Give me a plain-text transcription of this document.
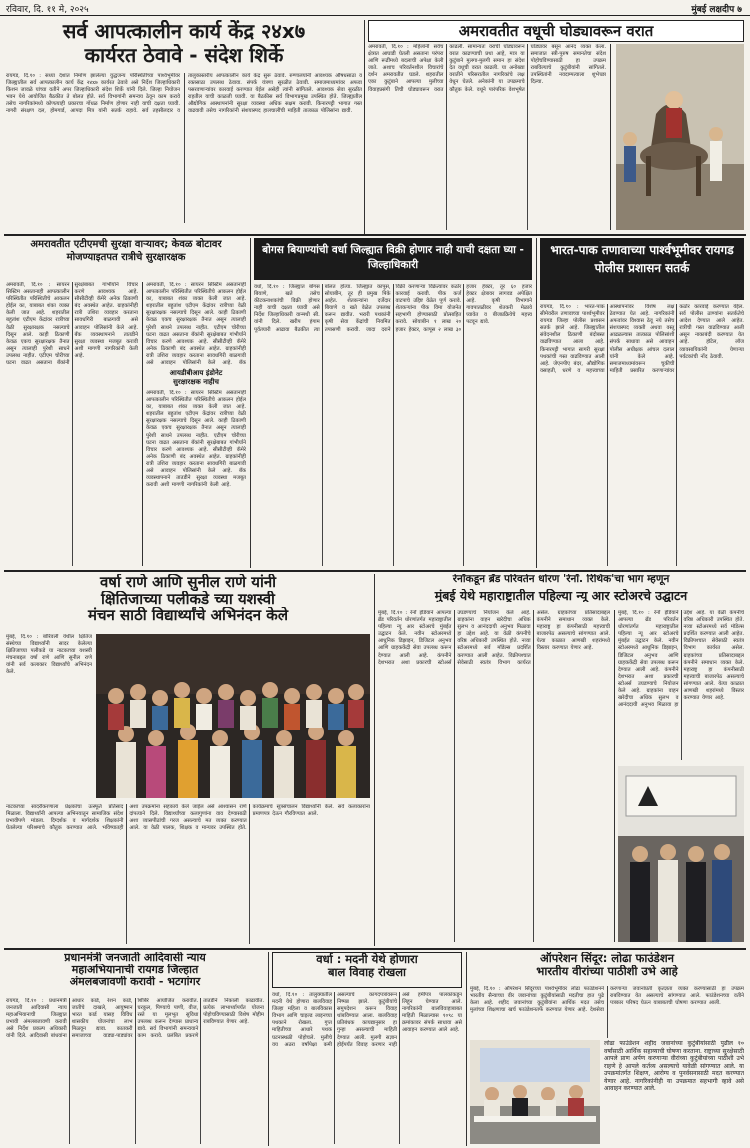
रविवार, दि. ११ मे, २०२५	मुंबई लक्षदीप ७
सर्व आपत्कालीन कार्य केंद्र २४x७
कार्यरत ठेवावे - संदेश शिर्के
रायगड, दि.१० : सध्या देशात निर्माण झालेल्या युद्धजन्य परिस्थितीच्या पार्श्वभूमीवर जिल्ह्यातील सर्व आपत्कालीन कार्य केंद्र २४x७ कार्यरत ठेवावे असे निर्देश जिल्हाधिकारी किशन जावळे यांच्या वतीने अपर जिल्हाधिकारी संदेश शिर्के यांनी दिले. जिल्हा नियोजन भवन येथे आयोजित बैठकीत ते बोलत होते. सर्व विभागांनी समन्वय ठेवून काम करावे तसेच नागरिकांमध्ये कोणत्याही प्रकारचा गोंधळ निर्माण होणार नाही याची दक्षता घ्यावी. नागरी संरक्षण दल, होमगार्ड, आपदा मित्र यांनी सतर्क राहावे. सर्व तहसीलदार व तालुकास्तरीय आपत्कालीन कार्य केंद्र सुरू ठेवावे. रुग्णालयांनी आवश्यक औषधसाठा व रक्तसाठा उपलब्ध ठेवावा. संपर्क यंत्रणा सुरळीत ठेवावी. समाजमाध्यमांवर अफवा पसरवणाऱ्यांवर कारवाई करण्यात येईल असेही त्यांनी सांगितले. आवश्यक सेवा सुरळीत राहतील याची काळजी घ्यावी. या बैठकीस सर्व विभागप्रमुख उपस्थित होते. जिल्ह्यातील औद्योगिक आस्थापनांनी सुरक्षा व्यवस्था अधिक सक्षम करावी. किनारपट्टी भागात गस्त वाढवावी तसेच नागरिकांनी संशयास्पद हालचालींची माहिती तात्काळ पोलिसांना द्यावी.
अमरावती, दि.१० : महिलांनी सर्वच क्षेत्रात आघाडी घेतली असताना परंपरा आणि रूढींमध्ये बदलाची अपेक्षा केली जाते. अशाच परिवर्तनशील विचारांचे दर्शन अमरावतीत घडले. शहरातील एका कुटुंबाने आपल्या मुलीच्या विवाहप्रसंगी तिची घोड्यावरून वरात काढली. सामान्यतः वराची घोड्यावरून वरात काढण्याची प्रथा आहे, मात्र या कुटुंबाने मुलगा-मुलगी समान हा संदेश देत वधूची वरात काढली. या अनोख्या वरातीने परिसरातील नागरिकांचे लक्ष वेधून घेतले. अनेकांनी या उपक्रमाचे कौतुक केले. वधूने पारंपरिक वेशभूषेत घोड्यावर बसून आनंद व्यक्त केला. समाजात स्त्री-पुरुष समानतेचा संदेश पोहोचविण्यासाठी हा उपक्रम राबविल्याचे कुटुंबीयांनी सांगितले. उपस्थितांनी नवदाम्पत्याला शुभेच्छा दिल्या.
अमरावतीत वधूची घोड्यावरून वरात
अमरावतीत एटीएमची सुरक्षा वाऱ्यावर; केवळ बोटावर मोजण्याइतपत रात्रीचे सुरक्षारक्षक
अमरावती, दि.१० : सायरन सिस्टिम असतानाही आपत्कालीन परिस्थितीत परिस्थितीचे आकलन होईल का, याबाबत शंका व्यक्त केली जात आहे. शहरातील बहुतांश एटीएम केंद्रांवर रात्रीच्या वेळी सुरक्षारक्षक नसल्याचे दिसून आले. काही ठिकाणी केवळ एकच सुरक्षारक्षक तैनात असून त्यालाही पुरेशी साधने उपलब्ध नाहीत. एटीएम चोरीच्या घटना वाढत असताना बँकांनी सुरक्षेबाबत गांभीर्याने विचार करणे आवश्यक आहे. सीसीटीव्ही कॅमेरे अनेक ठिकाणी बंद अवस्थेत आहेत. ग्राहकांनीही रात्री उशिरा व्यवहार करताना सावधगिरी बाळगावी असे आवाहन पोलिसांनी केले आहे. बँक व्यवस्थापनाने तातडीने सुरक्षा व्यवस्था मजबूत करावी अशी मागणी नागरिकांनी केली आहे.
अमरावती, दि.१० : सायरन सिस्टिम असतानाही आपत्कालीन परिस्थितीत परिस्थितीचे आकलन होईल का, याबाबत शंका व्यक्त केली जात आहे. शहरातील बहुतांश एटीएम केंद्रांवर रात्रीच्या वेळी सुरक्षारक्षक नसल्याचे दिसून आले. काही ठिकाणी केवळ एकच सुरक्षारक्षक तैनात असून त्यालाही पुरेशी साधने उपलब्ध नाहीत. एटीएम चोरीच्या घटना वाढत असताना बँकांनी सुरक्षेबाबत गांभीर्याने विचार करणे आवश्यक आहे. सीसीटीव्ही कॅमेरे अनेक ठिकाणी बंद अवस्थेत आहेत. ग्राहकांनीही रात्री उशिरा व्यवहार करताना सावधगिरी बाळगावी असे आवाहन पोलिसांनी केले आहे. बँक
आयडीबीआय इंडोनेट
सुरक्षारक्षक नाहीच
अमरावती, दि.१० : सायरन सिस्टिम असतानाही आपत्कालीन परिस्थितीत परिस्थितीचे आकलन होईल का, याबाबत शंका व्यक्त केली जात आहे. शहरातील बहुतांश एटीएम केंद्रांवर रात्रीच्या वेळी सुरक्षारक्षक नसल्याचे दिसून आले. काही ठिकाणी केवळ एकच सुरक्षारक्षक तैनात असून त्यालाही पुरेशी साधने उपलब्ध नाहीत. एटीएम चोरीच्या घटना वाढत असताना बँकांनी सुरक्षेबाबत गांभीर्याने विचार करणे आवश्यक आहे. सीसीटीव्ही कॅमेरे अनेक ठिकाणी बंद अवस्थेत आहेत. ग्राहकांनीही रात्री उशिरा व्यवहार करताना सावधगिरी बाळगावी असे आवाहन पोलिसांनी केले आहे. बँक व्यवस्थापनाने तातडीने सुरक्षा व्यवस्था मजबूत करावी अशी मागणी नागरिकांनी केली आहे.
बोगस बियाण्यांची वर्धा जिल्ह्यात विक्री होणार नाही याची दक्षता घ्या - जिल्हाधिकारी
वर्धा, दि.१० : जिल्ह्यात बोगस बियाणे, खते तसेच कीटकनाशकांची विक्री होणार नाही याची दक्षता घ्यावी असे निर्देश जिल्हाधिकारी वान्मथी सी. यांनी दिले. खरीप हंगाम पूर्वतयारी आढावा बैठकीत त्या बोलत होत्या. जिल्ह्यात कापूस, सोयाबीन, तूर ही प्रमुख पिके आहेत. शेतकऱ्यांना दर्जेदार बियाणे व खते वेळेत उपलब्ध करून द्यावीत. भरारी पथकांनी कृषी सेवा केंद्रांची नियमित तपासणी करावी. जादा दराने विक्री करणाऱ्या विक्रेत्यांवर कठोर कारवाई करावी. पीक कर्ज वाटपाचे उद्दिष्ट वेळेत पूर्ण करावे. शेतकऱ्यांना पीक विमा योजनेत सहभागी होण्यासाठी प्रोत्साहित करावे. सोयाबीन १ लाख २० हजार हेक्टर, कापूस २ लाख ३० हजार हेक्टर, तूर ६० हजार हेक्टर क्षेत्रावर लागवड अपेक्षित आहे. कृषी विभागाने गावपातळीवर शेतकरी मेळावे घ्यावेत व बीजप्रक्रियेचे महत्त्व पटवून द्यावे.
भारत-पाक तणावाच्या पार्श्वभूमीवर रायगड पोलीस प्रशासन सतर्क
रायगड, दि.१० : भारत-पाक सीमेवरील तणावाच्या पार्श्वभूमीवर रायगड जिल्हा पोलीस प्रशासन सतर्क झाले आहे. जिल्ह्यातील संवेदनशील ठिकाणी बंदोबस्त वाढविण्यात आला आहे. किनारपट्टी भागात सागरी सुरक्षा पथकांची गस्त वाढविण्यात आली आहे. जेएनपीए बंदर, औद्योगिक वसाहती, धरणे व महत्त्वाच्या आस्थापनांवर विशेष लक्ष ठेवण्यात येत आहे. नागरिकांनी अफवांवर विश्वास ठेवू नये तसेच संशयास्पद व्यक्ती अथवा वस्तू आढळल्यास तात्काळ पोलिसांशी संपर्क साधावा असे आवाहन पोलीस अधीक्षक आंचल दलाल यांनी केले आहे. समाजमाध्यमांवरून चुकीची माहिती प्रसारित करणाऱ्यांवर कठोर कारवाई करण्यात येईल. सर्व पोलीस ठाण्यांना सतर्कतेचे आदेश देण्यात आले आहेत. रात्रीची गस्त वाढविण्यात आली असून नाकाबंदी करण्यात येत आहे. हॉटेल, लॉज व्यावसायिकांनी येणाऱ्या पर्यटकांची नोंद ठेवावी.
वर्षा राणे आणि सुनील राणे यांनी
क्षितिजाच्या पलीकडे च्या यशस्वी
मंचन साठी विद्यार्थ्यांचे अभिनंदन केले
मुंबई, दि.१० : बोरिवली येथील क्षितिज संस्थेच्या विद्यार्थ्यांनी सादर केलेल्या क्षितिजाच्या पलीकडे या नाटकाच्या यशस्वी मंचनाबद्दल वर्षा राणे आणि सुनील राणे यांनी सर्व कलाकार विद्यार्थ्यांचे अभिनंदन केले.
नाटकाच्या सादरीकरणाला प्रेक्षकांचा उत्स्फूर्त प्रतिसाद मिळाला. विद्यार्थ्यांनी आपल्या अभिनयातून सामाजिक संदेश प्रभावीपणे मांडला. दिग्दर्शक व मार्गदर्शक शिक्षकांनी घेतलेल्या परिश्रमाचे कौतुक करण्यात आले. भविष्यातही अशा उपक्रमांना सहकार्य केले जाईल असे आश्वासन राणे दांपत्याने दिले. विद्यार्थ्यांच्या कलागुणांना वाव देण्यासाठी अशा व्यासपीठांची गरज असल्याचे मत व्यक्त करण्यात आले. या वेळी पालक, शिक्षक व मान्यवर उपस्थित होते. कार्यक्रमाचे सूत्रसंचालन विद्यार्थ्यांनी केले. सर्व कलाकारांना प्रमाणपत्र देऊन गौरविण्यात आले.
रेनॉकडून ब्रँड परिवर्तन धोरण 'रेनॉ. रिथिंक'चा भाग म्हणून
मुंबई येथे महाराष्ट्रातील पहिल्या न्यू आर स्टोअरचे उद्घाटन
मुंबई, दि.१० : रेनॉ इंडियाने आपल्या ब्रँड परिवर्तन धोरणांतर्गत महाराष्ट्रातील पहिल्या न्यू आर स्टोअरचे मुंबईत उद्घाटन केले. नवीन स्टोअरमध्ये आधुनिक डिझाइन, डिजिटल अनुभव आणि ग्राहककेंद्री सेवा उपलब्ध करून देण्यात आली आहे. कंपनीने देशभरात अशा प्रकारची स्टोअर्स उघडण्याचे नियोजन केले आहे. ग्राहकांना वाहन खरेदीचा अधिक सुलभ व आनंददायी अनुभव मिळावा हा उद्देश आहे. या वेळी कंपनीचे वरिष्ठ अधिकारी उपस्थित होते. नव्या स्टोअरमध्ये सर्व मॉडेल्स प्रदर्शित करण्यात आली आहेत. विक्रीपश्चात सेवेसाठी स्वतंत्र विभाग कार्यरत असेल. ग्राहकांच्या प्रतिसादाबद्दल कंपनीने समाधान व्यक्त केले. महाराष्ट्र हा कंपनीसाठी महत्त्वाची बाजारपेठ असल्याचे सांगण्यात आले. येत्या काळात आणखी शहरांमध्ये विस्तार करण्यात येणार आहे.
मुंबई, दि.१० : रेनॉ इंडियाने आपल्या ब्रँड परिवर्तन धोरणांतर्गत महाराष्ट्रातील पहिल्या न्यू आर स्टोअरचे मुंबईत उद्घाटन केले. नवीन स्टोअरमध्ये आधुनिक डिझाइन, डिजिटल अनुभव आणि ग्राहककेंद्री सेवा उपलब्ध करून देण्यात आली आहे. कंपनीने देशभरात अशा प्रकारची स्टोअर्स उघडण्याचे नियोजन केले आहे. ग्राहकांना वाहन खरेदीचा अधिक सुलभ व आनंददायी अनुभव मिळावा हा उद्देश आहे. या वेळी कंपनीचे वरिष्ठ अधिकारी उपस्थित होते. नव्या स्टोअरमध्ये सर्व मॉडेल्स प्रदर्शित करण्यात आली आहेत. विक्रीपश्चात सेवेसाठी स्वतंत्र विभाग कार्यरत असेल. ग्राहकांच्या प्रतिसादाबद्दल कंपनीने समाधान व्यक्त केले. महाराष्ट्र हा कंपनीसाठी महत्त्वाची बाजारपेठ असल्याचे सांगण्यात आले. येत्या काळात आणखी शहरांमध्ये विस्तार करण्यात येणार आहे.
प्रधानमंत्री जनजाती आदिवासी न्याय
महाअभियानाची रायगड जिल्हात
अंमलबजावणी करावी - भटगांगर
रायगड, दि.१० : प्रधानमंत्री जनजाती आदिवासी न्याय महाअभियानाची जिल्ह्यात प्रभावी अंमलबजावणी करावी असे निर्देश प्रकल्प अधिकारी यांनी दिले. आदिवासी बांधवांना आधार कार्ड, रेशन कार्ड, जातीचे दाखले, आयुष्मान भारत कार्ड यासह विविध शासकीय योजनांचा लाभ मिळवून द्यावा. कातकरी समाजाच्या वाड्या-पाड्यांवर शिबिरे आयोजित करावीत. घरकुल, पिण्याचे पाणी, वीज, रस्ते या मूलभूत सुविधा उपलब्ध करून देण्यास प्राधान्य द्यावे. सर्व विभागांनी समन्वयाने काम करावे. प्रलंबित प्रकरणे तातडीने निकाली काढावीत. प्रत्येक लाभार्थ्यापर्यंत योजना पोहोचविण्यासाठी विशेष मोहीम राबविण्यात येणार आहे.
वर्धा : मदनी येथे होणारा
बाल विवाह रोखला
वर्धा, दि.१० : तालुक्यातील मदनी येथे होणारा बालविवाह जिल्हा महिला व बालविकास विभाग आणि चाइल्ड लाइनच्या पथकाने रोखला. गुप्त माहितीच्या आधारे पथक घटनास्थळी पोहोचले. मुलीचे वय अठरा वर्षांपेक्षा कमी असल्याचे कागदपत्रांवरून निष्पन्न झाले. कुटुंबीयांचे समुपदेशन करून विवाह थांबविण्यात आला. बालविवाह प्रतिबंधक कायद्यानुसार हा गुन्हा असल्याची माहिती देण्यात आली. मुलगी सज्ञान होईपर्यंत विवाह करणार नाही असे हमीपत्र पालकांकडून लिहून घेण्यात आले. नागरिकांनी बालविवाहाबाबत माहिती मिळाल्यास १०९८ या क्रमांकावर संपर्क साधावा असे आवाहन करण्यात आले आहे.
ऑपरेशन सिंदूर: लोढा फाउंडेशन
भारतीय वीरांच्या पाठीशी उभे आहे
मुंबई, दि.१० : ऑपरेशन सिंदूरच्या पार्श्वभूमीवर लोढा फाउंडेशनने भारतीय सैन्याच्या वीर जवानांच्या कुटुंबीयांसाठी मदतीचा हात पुढे केला आहे. शहीद जवानांच्या कुटुंबीयांना आर्थिक मदत तसेच मुलांच्या शिक्षणाचा खर्च फाउंडेशनतर्फे करण्यात येणार आहे. देशसेवा करणाऱ्या जवानांप्रती कृतज्ञता व्यक्त करण्यासाठी हा उपक्रम राबविण्यात येत असल्याचे सांगण्यात आले. फाउंडेशनच्या वतीने पत्रकार परिषद घेऊन याबाबतची घोषणा करण्यात आली.
लोढा फाउंडेशन शहीद जवानांच्या कुटुंबीयांसाठी पुढील १० वर्षांसाठी आर्थिक सहाय्याची घोषणा करताना. राष्ट्राच्या सुरक्षेसाठी आपले प्राण अर्पण करणाऱ्या वीरांच्या कुटुंबीयांच्या पाठीशी उभे राहणे हे आपले कर्तव्य असल्याचे यावेळी सांगण्यात आले. या उपक्रमांतर्गत शिक्षण, आरोग्य व पुनर्वसनासाठी मदत करण्यात येणार आहे. नागरिकांनीही या उपक्रमात सहभागी व्हावे असे आवाहन करण्यात आले.
